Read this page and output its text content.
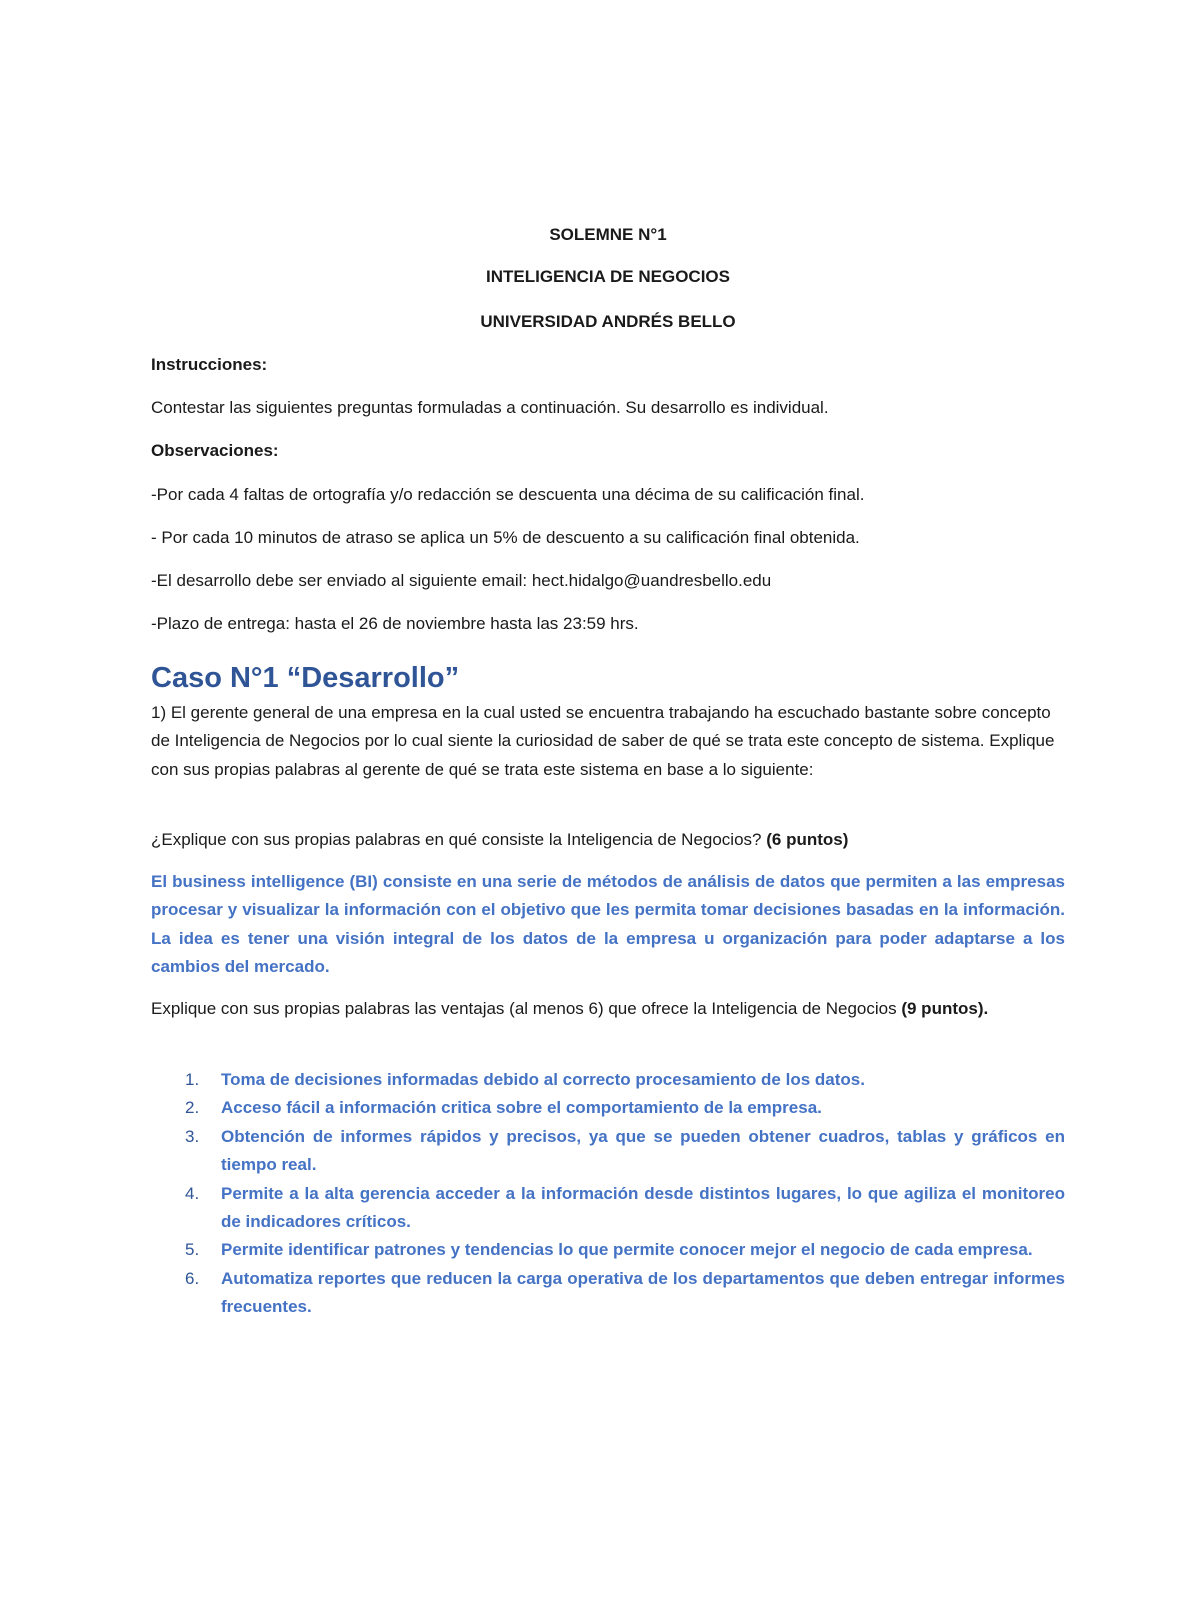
SOLEMNE N°1

INTELIGENCIA DE NEGOCIOS

UNIVERSIDAD ANDRÉS BELLO

Instrucciones:

Contestar las siguientes preguntas formuladas a continuación. Su desarrollo es individual.

Observaciones:

-Por cada 4 faltas de ortografía y/o redacción se descuenta una décima de su calificación final.

- Por cada 10 minutos de atraso se aplica un 5% de descuento a su calificación final obtenida.

-El desarrollo debe ser enviado al siguiente email: hect.hidalgo@uandresbello.edu

-Plazo de entrega: hasta el 26 de noviembre hasta las 23:59 hrs.

Caso N°1 “Desarrollo”

1) El gerente general de una empresa en la cual usted se encuentra trabajando ha escuchado bastante sobre concepto de Inteligencia de Negocios por lo cual siente la curiosidad de saber de qué se trata este concepto de sistema. Explique con sus propias palabras al gerente de qué se trata este sistema en base a lo siguiente:

¿Explique con sus propias palabras en qué consiste la Inteligencia de Negocios? (6 puntos)

El business intelligence (BI) consiste en una serie de métodos de análisis de datos que permiten a las empresas procesar y visualizar la información con el objetivo que les permita tomar decisiones basadas en la información. La idea es tener una visión integral de los datos de la empresa u organización para poder adaptarse a los cambios del mercado.

Explique con sus propias palabras las ventajas (al menos 6) que ofrece la Inteligencia de Negocios (9 puntos).

1. Toma de decisiones informadas debido al correcto procesamiento de los datos.
2. Acceso fácil a información critica sobre el comportamiento de la empresa.
3. Obtención de informes rápidos y precisos, ya que se pueden obtener cuadros, tablas y gráficos en tiempo real.
4. Permite a la alta gerencia acceder a la información desde distintos lugares, lo que agiliza el monitoreo de indicadores críticos.
5. Permite identificar patrones y tendencias lo que permite conocer mejor el negocio de cada empresa.
6. Automatiza reportes que reducen la carga operativa de los departamentos que deben entregar informes frecuentes.
